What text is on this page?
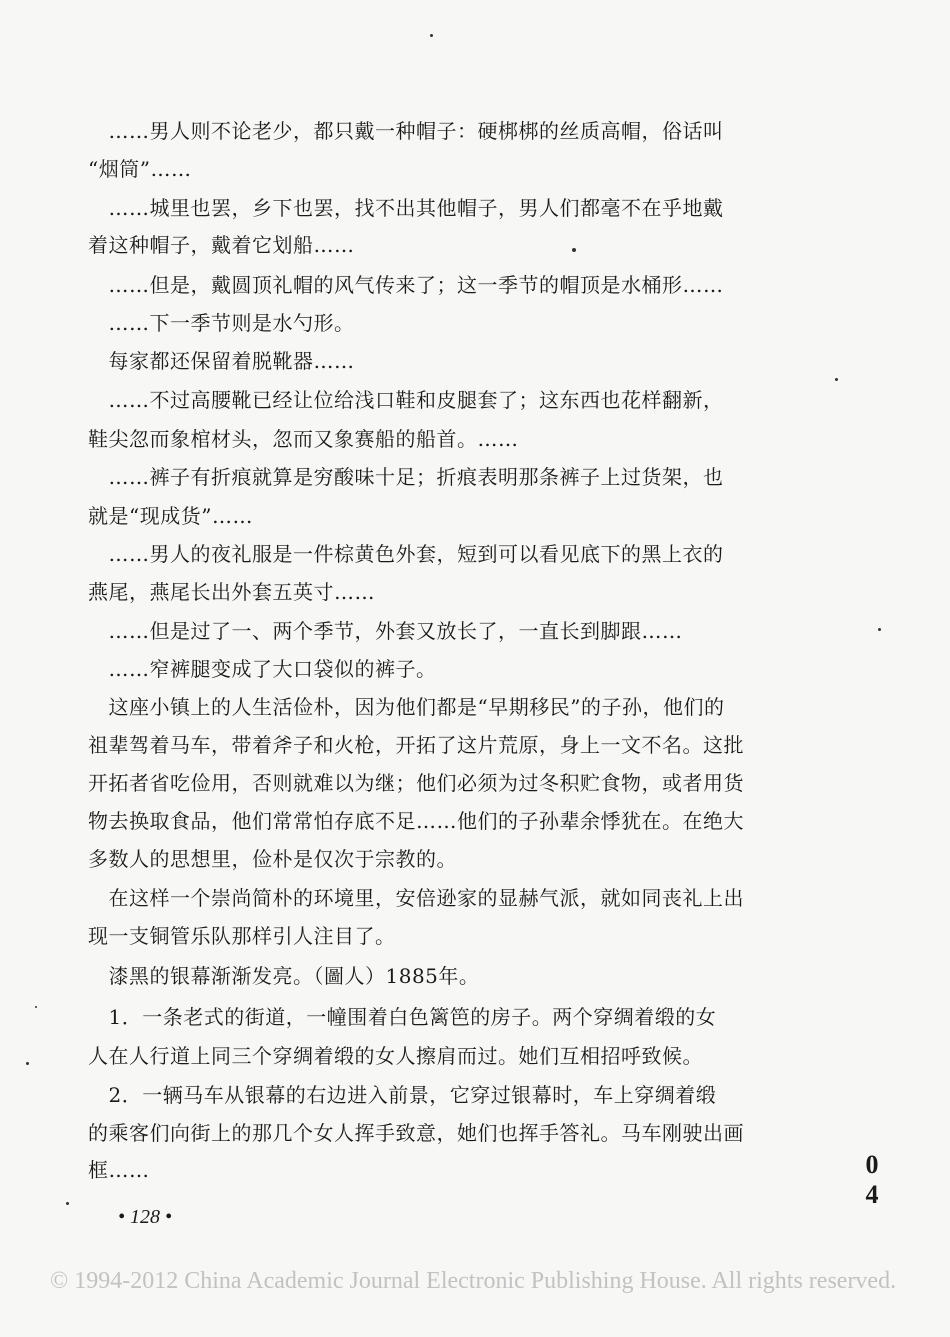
　……男人则不论老少，都只戴一种帽子：硬梆梆的丝质高帽，俗话叫
“烟筒”……
　……城里也罢，乡下也罢，找不出其他帽子，男人们都毫不在乎地戴
着这种帽子，戴着它划船……
　……但是，戴圆顶礼帽的风气传来了；这一季节的帽顶是水桶形……
　……下一季节则是水勺形。
　每家都还保留着脱靴器……
　……不过高腰靴已经让位给浅口鞋和皮腿套了；这东西也花样翻新，
鞋尖忽而象棺材头，忽而又象赛船的船首。……
　……裤子有折痕就算是穷酸味十足；折痕表明那条裤子上过货架，也
就是“现成货”……
　……男人的夜礼服是一件棕黄色外套，短到可以看见底下的黑上衣的
燕尾，燕尾长出外套五英寸……
　……但是过了一、两个季节，外套又放长了，一直长到脚跟……
　……窄裤腿变成了大口袋似的裤子。
　这座小镇上的人生活俭朴，因为他们都是“早期移民”的子孙，他们的
祖辈驾着马车，带着斧子和火枪，开拓了这片荒原，身上一文不名。这批
开拓者省吃俭用，否则就难以为继；他们必须为过冬积贮食物，或者用货
物去换取食品，他们常常怕存底不足……他们的子孙辈余悸犹在。在绝大
多数人的思想里，俭朴是仅次于宗教的。
　在这样一个崇尚简朴的环境里，安倍逊家的显赫气派，就如同丧礼上出
现一支铜管乐队那样引人注目了。
　漆黑的银幕渐渐发亮。（圖人）1885年。
　1．一条老式的街道，一幢围着白色篱笆的房子。两个穿绸着缎的女
人在人行道上同三个穿绸着缎的女人擦肩而过。她们互相招呼致候。
　2．一辆马车从银幕的右边进入前景，它穿过银幕时，车上穿绸着缎
的乘客们向街上的那几个女人挥手致意，她们也挥手答礼。马车刚驶出画
框……	0
4
• 128 •
© 1994-2012 China Academic Journal Electronic Publishing House. All rights reserved.
